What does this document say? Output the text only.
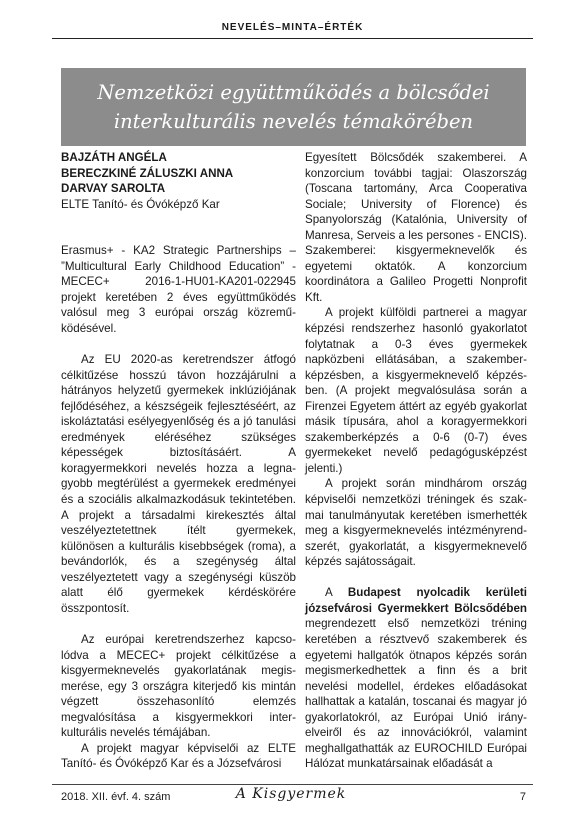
NEVELÉS–MINTA–ÉRTÉK
Nemzetközi együttműködés a bölcsődei
interkulturális nevelés témakörében

BAJZÁTH ANGÉLA

BERECZKINÉ ZÁLUSZKI ANNA

DARVAY SAROLTA

ELTE Tanító- és Óvóképző Kar

Erasmus+ - KA2 Strategic Partnerships – ”Multicultural Early Childhood Education” - MECEC+ 2016-1-HU01-KA201-022945 projekt keretében 2 éves együttműködés valósul meg 3 európai ország közreműködésével.

Az EU 2020-as keretrendszer átfogó célkitűzése hosszú távon hozzájárulni a hátrányos helyzetű gyermekek inklúziójának fejlődéséhez, a készségeik fejlesztéséért, az iskoláztatási esélyegyenlőség és a jó tanulási eredmények eléréséhez szükséges képességek biztosításáért. A koragyermekkori nevelés hozza a legnagyobb megtérülést a gyermekek eredményei és a szociális alkalmazkodásuk tekintetében. A projekt a társadalmi kirekesztés által veszélyeztetettnek ítélt gyermekek, különösen a kulturális kisebbségek (roma), a bevándorlók, és a szegénység által veszélyeztetett vagy a szegénységi küszöb alatt élő gyermekek kérdéskörére összpontosít.

Az európai keretrendszerhez kapcsolódva a MECEC+ projekt célkitűzése a kisgyermeknevelés gyakorlatának megismerése, egy 3 országra kiterjedő kis mintán végzett összehasonlító elemzés megvalósítása a kisgyermekkori interkulturális nevelés témájában.

A projekt magyar képviselői az ELTE Tanító- és Óvóképző Kar és a Józsefvárosi

Egyesített Bölcsődék szakemberei. A konzorcium további tagjai: Olaszország (Toscana tartomány, Arca Cooperativa Sociale; University of Florence) és Spanyolország (Katalónia, University of Manresa, Serveis a les persones - ENCIS). Szakemberei: kisgyermeknevelők és egyetemi oktatók. A konzorcium koordinátora a Galileo Progetti Nonprofit Kft.

A projekt külföldi partnerei a magyar képzési rendszerhez hasonló gyakorlatot folytatnak a 0-3 éves gyermekek napközbeni ellátásában, a szakemberképzésben, a kisgyermeknevelő képzésben. (A projekt megvalósulása során a Firenzei Egyetem áttért az egyéb gyakorlat másik típusára, ahol a koragyermekkori szakemberképzés a 0-6 (0-7) éves gyermekeket nevelő pedagógusképzést jelenti.)

A projekt során mindhárom ország képviselői nemzetközi tréningek és szakmai tanulmányutak keretében ismerhették meg a kisgyermeknevelés intézményrendszerét, gyakorlatát, a kisgyermeknevelő képzés sajátosságait.

A Budapest nyolcadik kerületi józsefvárosi Gyermekkert Bölcsődében megrendezett első nemzetközi tréning keretében a résztvevő szakemberek és egyetemi hallgatók ötnapos képzés során megismerkedhettek a finn és a brit nevelési modellel, érdekes előadásokat hallhattak a katalán, toscanai és magyar jó gyakorlatokról, az Európai Unió irányelveiről és az innovációkról, valamint meghallgathatták az EUROCHILD Európai Hálózat munkatársainak előadását a

2018. XII. évf. 4. szám	A Kisgyermek	7
